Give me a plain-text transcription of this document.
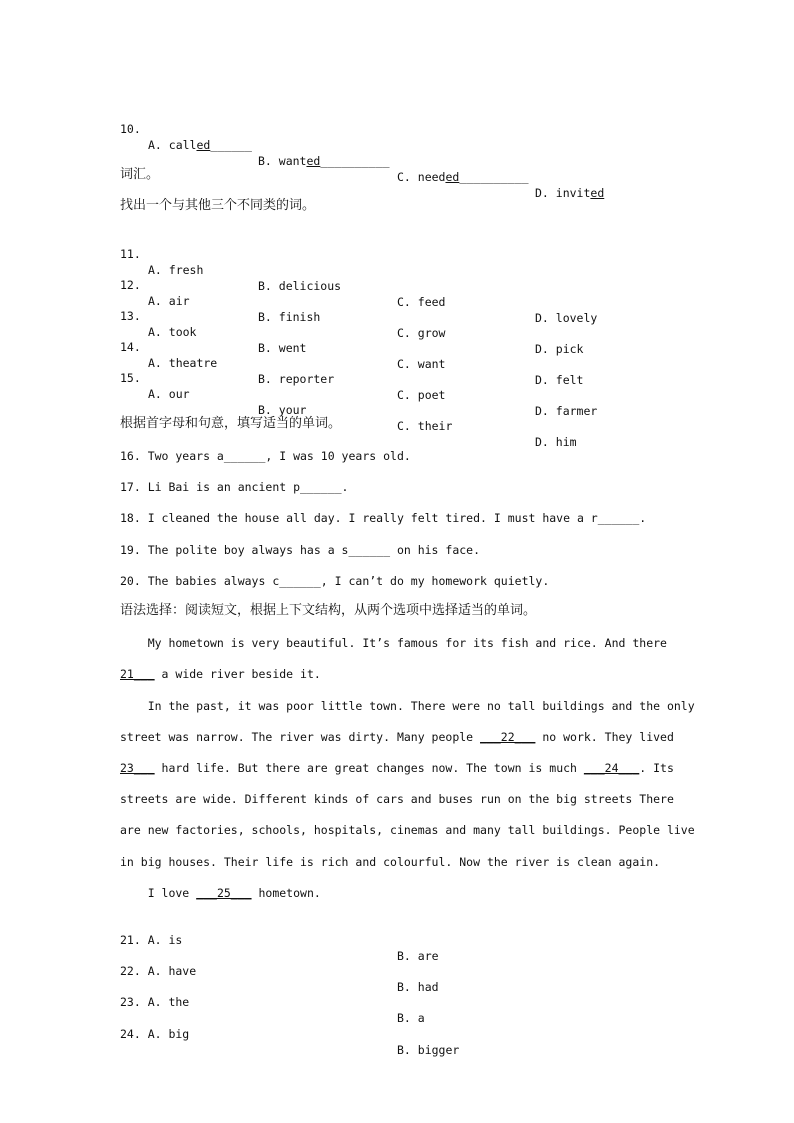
10.

A. called______

B. wanted__________

C. needed__________

D. invited

词汇。
找出一个与其他三个不同类的词。

11.

A. fresh

B. delicious

C. feed

D. lovely

12.

A. air

B. finish

C. grow

D. pick

13.

A. took

B. went

C. want

D. felt

14.

A. theatre

B. reporter

C. poet

D. farmer

15.

A. our

B. your

C. their

D. him

根据首字母和句意，填写适当的单词。
16. Two years a______, I was 10 years old.
17. Li Bai is an ancient p______.
18. I cleaned the house all day. I really felt tired. I must have a r______.
19. The polite boy always has a s______ on his face.
20. The babies always c______, I can’t do my homework quietly.
语法选择：阅读短文，根据上下文结构，从两个选项中选择适当的单词。
My hometown is very beautiful. It’s famous for its fish and rice. And there
21___ a wide river beside it.
In the past, it was poor little town. There were no tall buildings and the only
street was narrow. The river was dirty. Many people ___22___ no work. They lived
23___ hard life. But there are great changes now. The town is much ___24___. Its
streets are wide. Different kinds of cars and buses run on the big streets There
are new factories, schools, hospitals, cinemas and many tall buildings. People live
in big houses. Their life is rich and colourful. Now the river is clean again.
I love ___25___ hometown.

21. A. is

B. are

22. A. have

B. had

23. A. the

B. a

24. A. big

B. bigger
